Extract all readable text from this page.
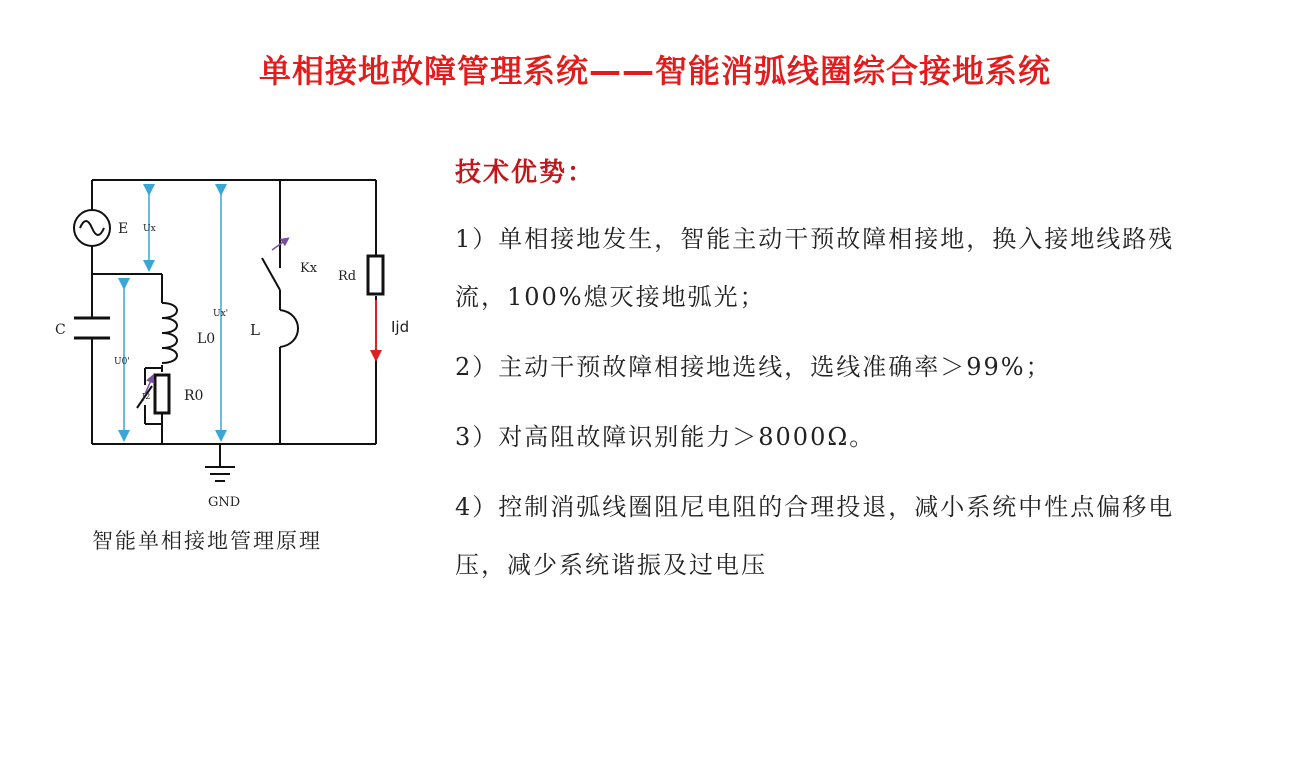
单相接地故障管理系统——智能消弧线圈综合接地系统
E Ux
Ux'
C
U0'
L0
R0
J2
Kx
L
Rd
Ijd
GND
智能单相接地管理原理
技术优势：
1）单相接地发生，智能主动干预故障相接地，换入接地线路残流，100%熄灭接地弧光；
2）主动干预故障相接地选线，选线准确率＞99%；
3）对高阻故障识别能力＞8000Ω。
4）控制消弧线圈阻尼电阻的合理投退，减小系统中性点偏移电压，减少系统谐振及过电压
